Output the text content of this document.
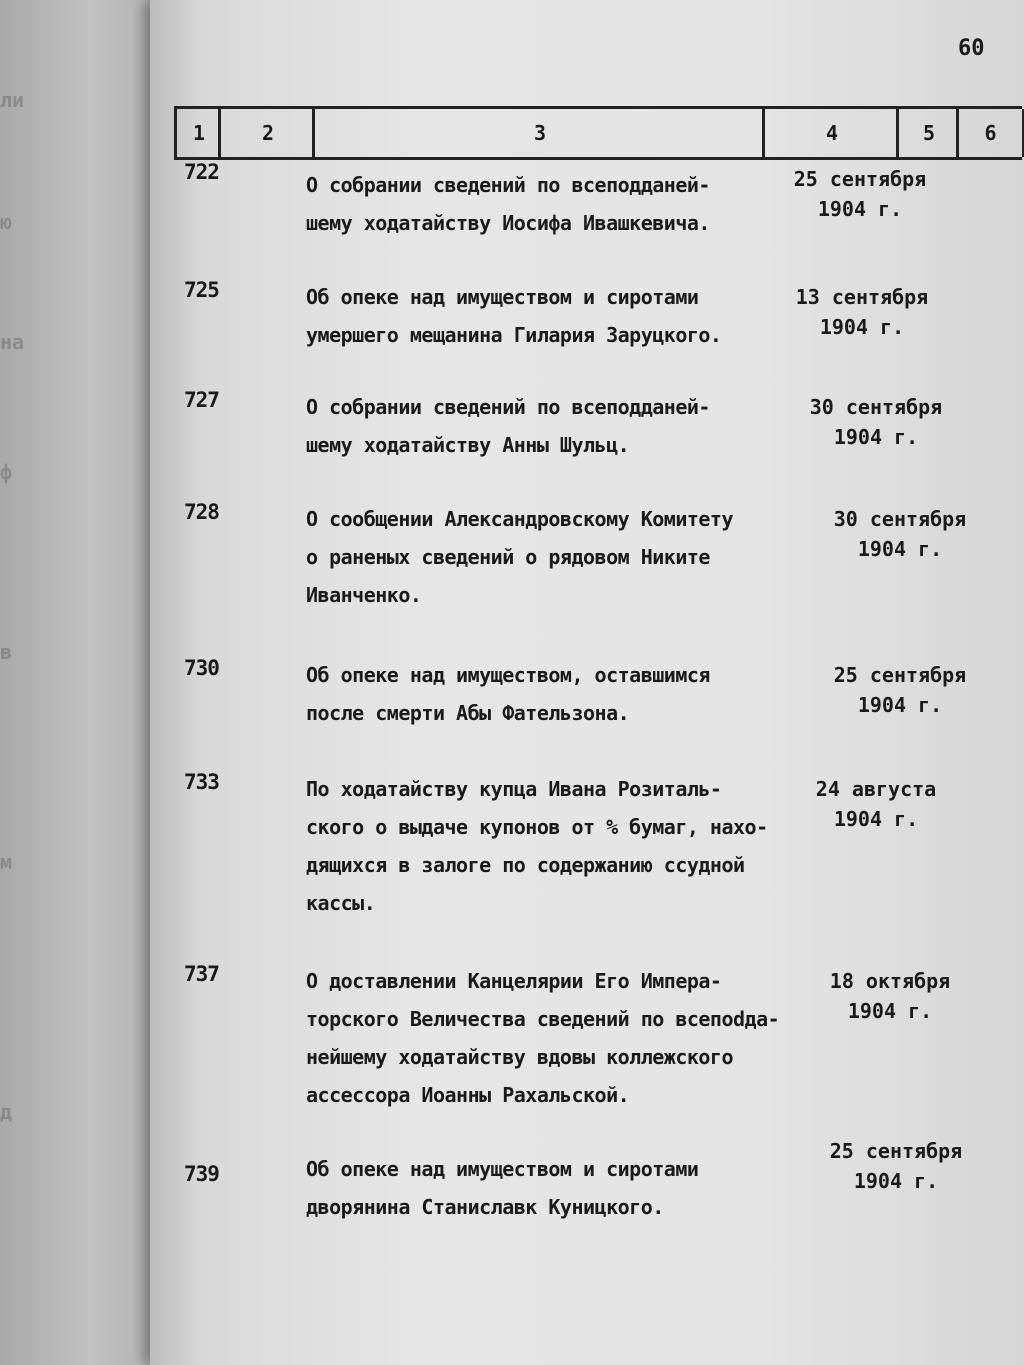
ли
ю
на
ф
в
м
д
60
1	2	3	4	5 6
722
О собрании сведений по всеподданей-
шему ходатайству Иосифа Ивашкевича.
25 сентября
1904 г.
725	Об опеке над имуществом и сиротами
умершего мещанина Гилария Заруцкого.
13 сентября
1904 г.
727	О собрании сведений по всеподданей-
шему ходатайству Анны Шульц.
30 сентября
1904 г.
728	О сообщении Александровскому Комитету
о раненых сведений о рядовом Никите
Иванченко.
30 сентября
1904 г.
730	Об опеке над имуществом, оставшимся
после смерти Абы Фательзона.
25 сентября
1904 г.
733	По ходатайству купца Ивана Розиталь-
ского о выдаче купонов от % бумаг, нахо-
дящихся в залоге по содержанию ссудной
кассы.
24 августа
1904 г.
737	О доставлении Канцелярии Его Импера-
торского Величества сведений по всепodда-
нейшему ходатайству вдовы коллежского
ассессора Иоанны Рахальской.
18 октября
1904 г.
739	Об опеке над имуществом и сиротами
дворянина Станиславк Куницкого.
25 сентября
1904 г.
